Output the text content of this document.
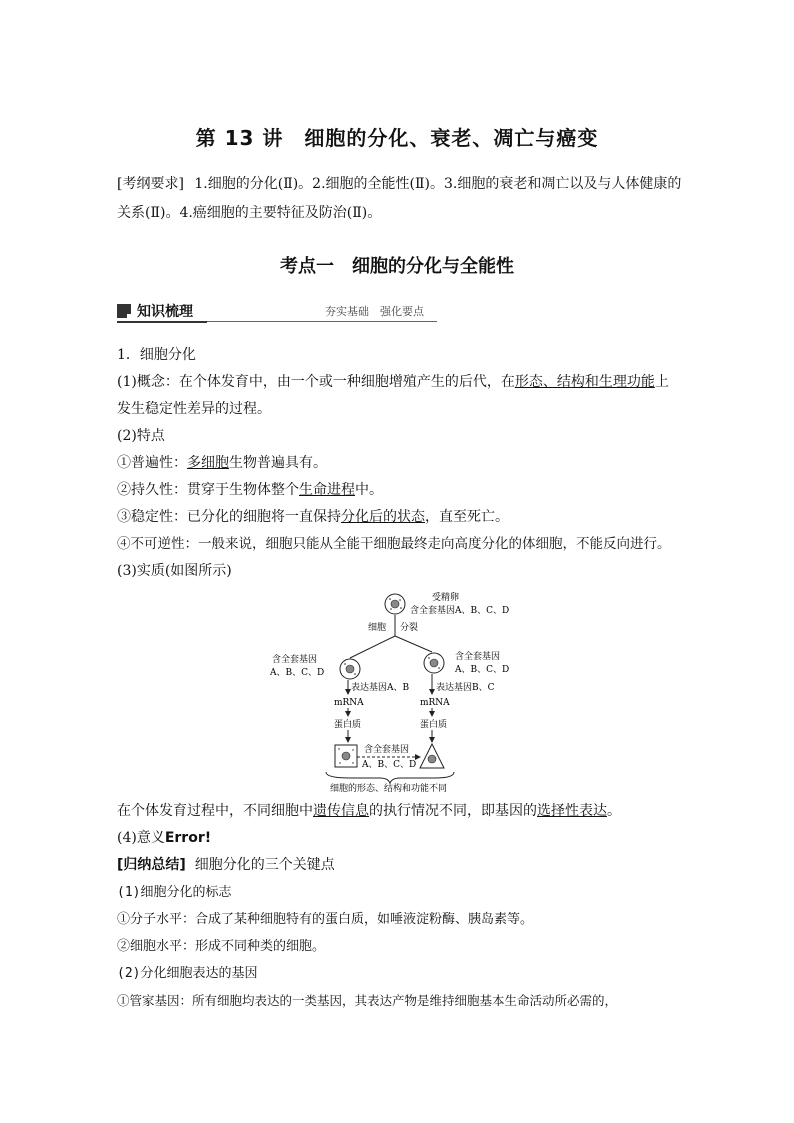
第 13 讲　细胞的分化、衰老、凋亡与癌变
[考纲要求] 1.细胞的分化(Ⅱ)。2.细胞的全能性(Ⅱ)。3.细胞的衰老和凋亡以及与人体健康的关系(Ⅱ)。4.癌细胞的主要特征及防治(Ⅱ)。
考点一　细胞的分化与全能性
知识梳理	夯实基础　强化要点

1．细胞分化

(1)概念：在个体发育中，由一个或一种细胞增殖产生的后代，在形态、结构和生理功能上发生稳定性差异的过程。

(2)特点

①普遍性：多细胞生物普遍具有。

②持久性：贯穿于生物体整个生命进程中。

③稳定性：已分化的细胞将一直保持分化后的状态，直至死亡。

④不可逆性：一般来说，细胞只能从全能干细胞最终走向高度分化的体细胞，不能反向进行。

(3)实质(如图所示)

受精卵
含全套基因A、B、C、D
细胞 分裂
含全套基因
A、B、C、D
含全套基因
A、B、C、D
表达基因A、B
mRNA
蛋白质
表达基因B、C
mRNA
蛋白质
含全套基因
A、B、C、D
细胞的形态、结构和功能不同

在个体发育过程中，不同细胞中遗传信息的执行情况不同，即基因的选择性表达。

(4)意义Error!

[归纳总结] 细胞分化的三个关键点

(1)细胞分化的标志

①分子水平：合成了某种细胞特有的蛋白质，如唾液淀粉酶、胰岛素等。

②细胞水平：形成不同种类的细胞。

(2)分化细胞表达的基因

①管家基因：所有细胞均表达的一类基因，其表达产物是维持细胞基本生命活动所必需的，
